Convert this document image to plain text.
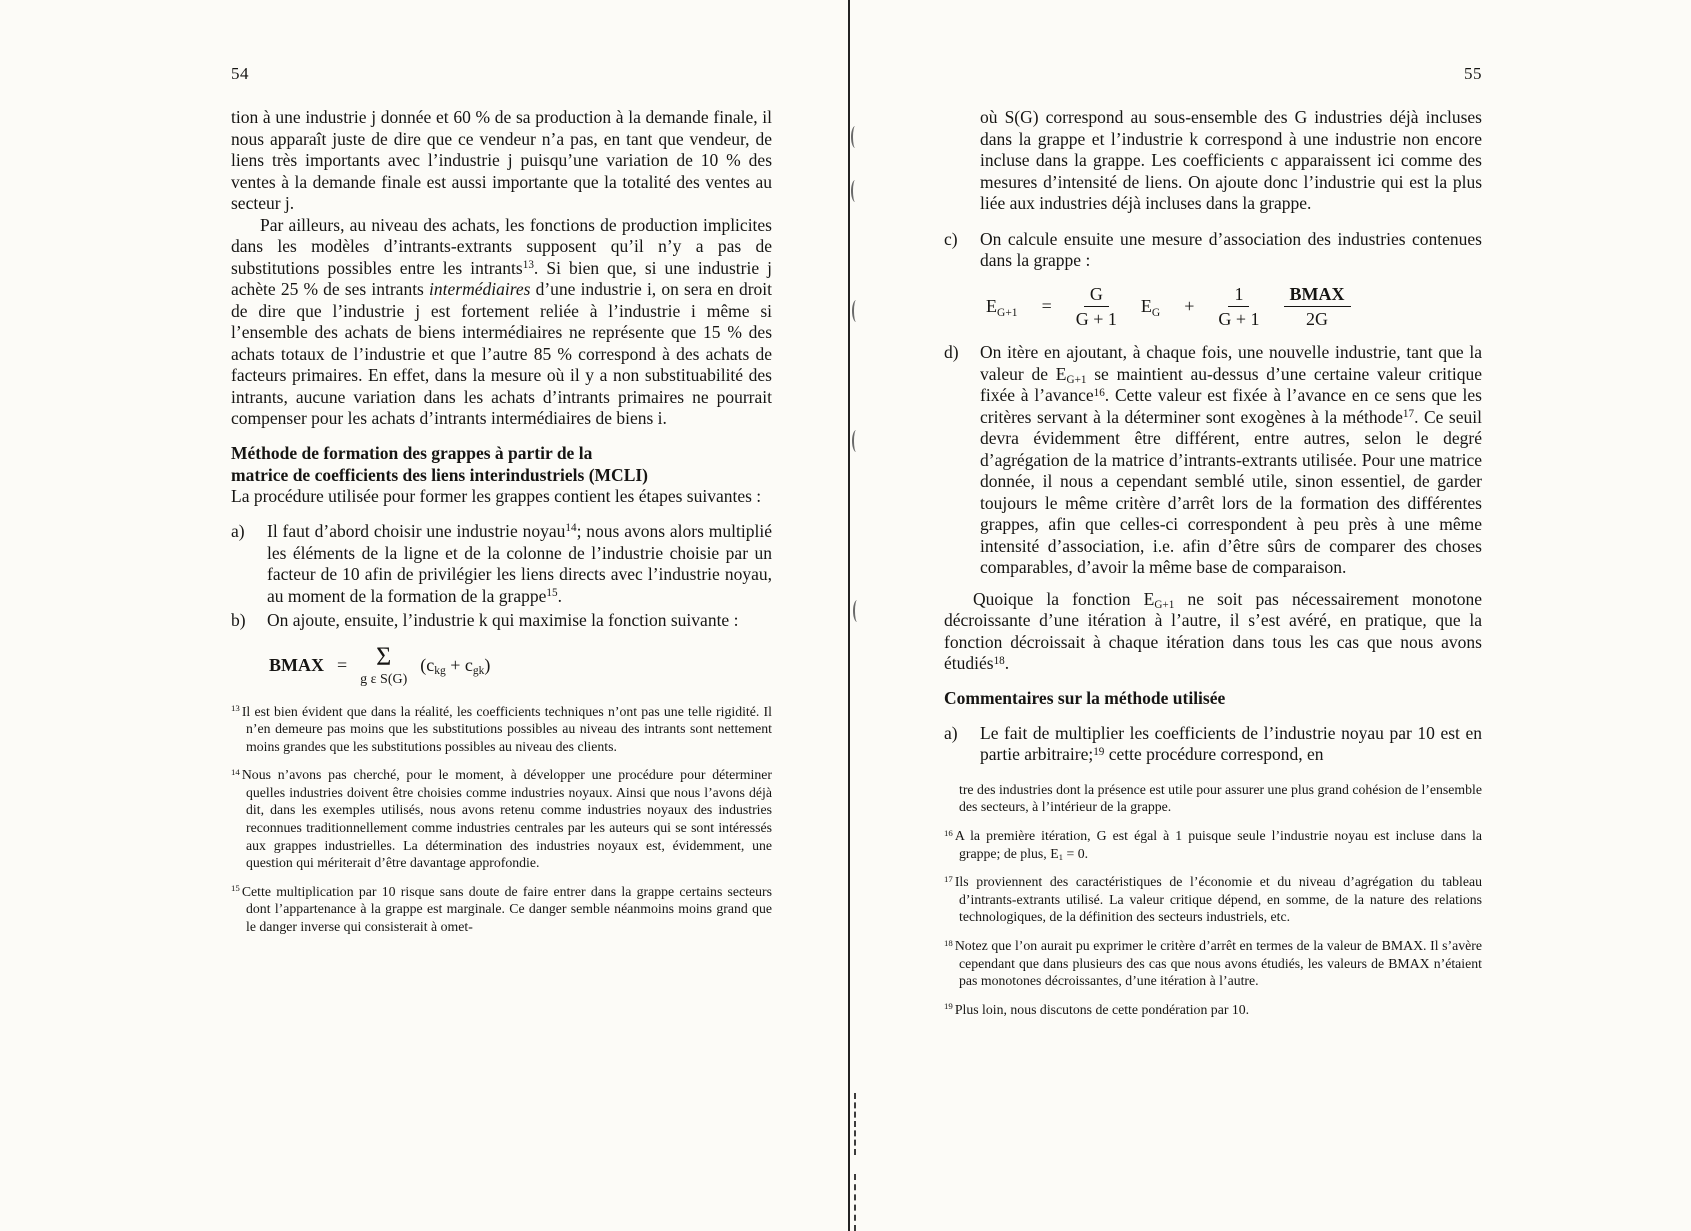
54

tion à une industrie j donnée et 60 % de sa production à la demande finale, il nous apparaît juste de dire que ce vendeur n’a pas, en tant que vendeur, de liens très importants avec l’industrie j puisqu’une variation de 10 % des ventes à la demande finale est aussi importante que la totalité des ventes au secteur j.

Par ailleurs, au niveau des achats, les fonctions de production implicites dans les modèles d’intrants-extrants supposent qu’il n’y a pas de substitutions possibles entre les intrants$^{13}$. Si bien que, si une industrie j achète 25 % de ses intrants intermédiaires d’une industrie i, on sera en droit de dire que l’industrie j est fortement reliée à l’industrie i même si l’ensemble des achats de biens intermédiaires ne représente que 15 % des achats totaux de l’industrie et que l’autre 85 % correspond à des achats de facteurs primaires. En effet, dans la mesure où il y a non substituabilité des intrants, aucune variation dans les achats d’intrants primaires ne pourrait compenser pour les achats d’intrants intermédiaires de biens i.

Méthode de formation des grappes à partir de la
matrice de coefficients des liens interindustriels (MCLI)

La procédure utilisée pour former les grappes contient les étapes suivantes :

a)	Il faut d’abord choisir une industrie noyau$^{14}$; nous avons alors multiplié les éléments de la ligne et de la colonne de l’industrie choisie par un facteur de 10 afin de privilégier les liens directs avec l’industrie noyau, au moment de la formation de la grappe$^{15}$.
b)	On ajoute, ensuite, l’industrie k qui maximise la fonction suivante :
BMAX = Σ
g ε S(G)
$(c_{kg} + c_{gk})$

$^{13}$ Il est bien évident que dans la réalité, les coefficients techniques n’ont pas une telle rigidité. Il n’en demeure pas moins que les substitutions possibles au niveau des intrants sont nettement moins grandes que les substitutions possibles au niveau des clients.

$^{14}$ Nous n’avons pas cherché, pour le moment, à développer une procédure pour déterminer quelles industries doivent être choisies comme industries noyaux. Ainsi que nous l’avons déjà dit, dans les exemples utilisés, nous avons retenu comme industries noyaux des industries reconnues traditionnellement comme industries centrales par les auteurs qui se sont intéressés aux grappes industrielles. La détermination des industries noyaux est, évidemment, une question qui mériterait d’être davantage approfondie.

$^{15}$ Cette multiplication par 10 risque sans doute de faire entrer dans la grappe certains secteurs dont l’appartenance à la grappe est marginale. Ce danger semble néanmoins moins grand que le danger inverse qui consisterait à omet-

55

où S(G) correspond au sous-ensemble des G industries déjà incluses dans la grappe et l’industrie k correspond à une industrie non encore incluse dans la grappe. Les coefficients c apparaissent ici comme des mesures d’intensité de liens. On ajoute donc l’industrie qui est la plus liée aux industries déjà incluses dans la grappe.

c)	On calcule ensuite une mesure d’association des industries contenues dans la grappe :
$E_{G+1} = \frac{G}{G + 1} E_G + \frac{1}{G + 1} \frac{\text{BMAX}}{2G}$
d)	On itère en ajoutant, à chaque fois, une nouvelle industrie, tant que la valeur de $E_{G+1}$ se maintient au-dessus d’une certaine valeur critique fixée à l’avance$^{16}$. Cette valeur est fixée à l’avance en ce sens que les critères servant à la déterminer sont exogènes à la méthode$^{17}$. Ce seuil devra évidemment être différent, entre autres, selon le degré d’agrégation de la matrice d’intrants-extrants utilisée. Pour une matrice donnée, il nous a cependant semblé utile, sinon essentiel, de garder toujours le même critère d’arrêt lors de la formation des différentes grappes, afin que celles-ci correspondent à peu près à une même intensité d’association, i.e. afin d’être sûrs de comparer des choses comparables, d’avoir la même base de comparaison.

Quoique la fonction $E_{G+1}$ ne soit pas nécessairement monotone décroissante d’une itération à l’autre, il s’est avéré, en pratique, que la fonction décroissait à chaque itération dans tous les cas que nous avons étudiés$^{18}$.

Commentaires sur la méthode utilisée
a)	Le fait de multiplier les coefficients de l’industrie noyau par 10 est en partie arbitraire;$^{19}$ cette procédure correspond, en

tre des industries dont la présence est utile pour assurer une plus grand cohésion de l’ensemble des secteurs, à l’intérieur de la grappe.

$^{16}$ A la première itération, G est égal à 1 puisque seule l’industrie noyau est incluse dans la grappe; de plus, $E_1 = 0$.

$^{17}$ Ils proviennent des caractéristiques de l’économie et du niveau d’agrégation du tableau d’intrants-extrants utilisé. La valeur critique dépend, en somme, de la nature des relations technologiques, de la définition des secteurs industriels, etc.

$^{18}$ Notez que l’on aurait pu exprimer le critère d’arrêt en termes de la valeur de BMAX. Il s’avère cependant que dans plusieurs des cas que nous avons étudiés, les valeurs de BMAX n’étaient pas monotones décroissantes, d’une itération à l’autre.

$^{19}$ Plus loin, nous discutons de cette pondération par 10.
